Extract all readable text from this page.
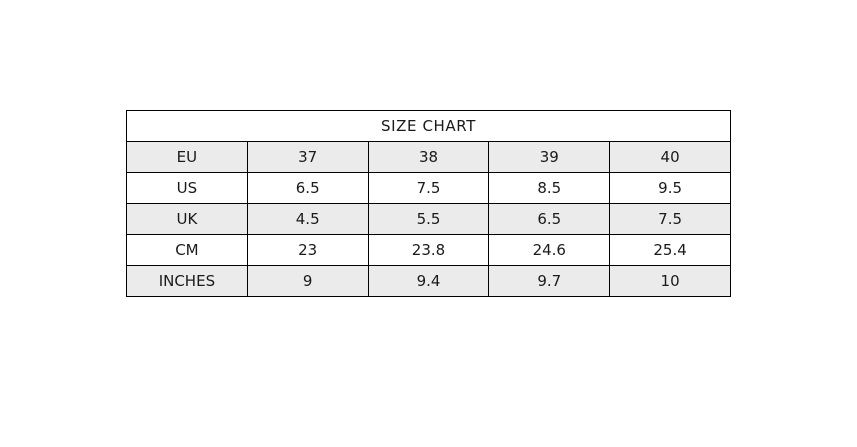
SIZE CHART				
EU	37	38	39	40
US	6.5	7.5	8.5	9.5
UK	4.5	5.5	6.5	7.5
CM	23	23.8	24.6	25.4
INCHES	9	9.4	9.7	10
